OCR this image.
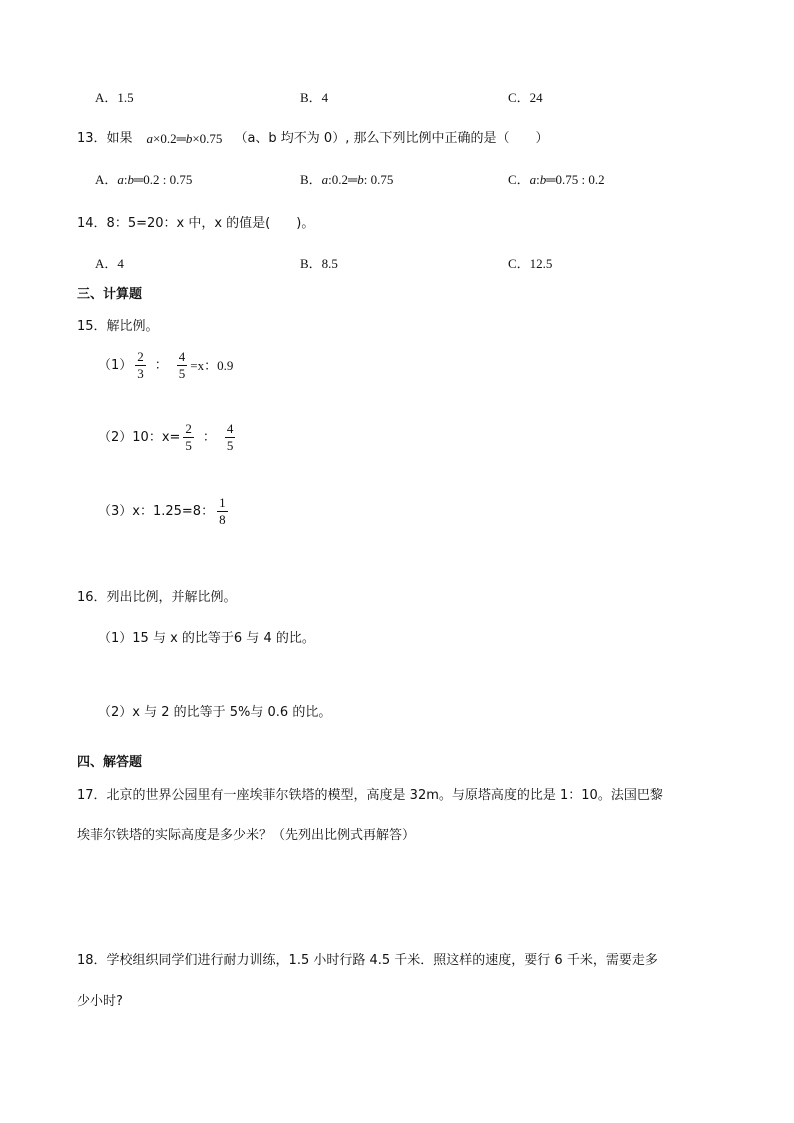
A．1.5	B．4	C．24
13．如果 a×0.2═b×0.75 （a、b 均不为 0）, 那么下列比例中正确的是（　　）
A．a:b═0.2 : 0.75	B．a:0.2═b: 0.75	C．a:b═0.75 : 0.2
14．8：5=20：x 中，x 的值是(　　)。
A．4	B．8.5	C．12.5
三、计算题
15．解比例。
$(1) \frac{2}{3}$ ： $\frac{4}{5} =x$：0.9
（2）10：$x= \frac{2}{5}$ ： $\frac{4}{5}$
（3）x：1.25=8： $\frac{1}{8}$
16．列出比例，并解比例。
（1）15 与 x 的比等于6 与 4 的比。
（2）x 与 2 的比等于 5%与 0.6 的比。
四、解答题
17．北京的世界公园里有一座埃菲尔铁塔的模型，高度是 32m。与原塔高度的比是 1：10。法国巴黎
埃菲尔铁塔的实际高度是多少米？（先列出比例式再解答）
18．学校组织同学们进行耐力训练，1.5 小时行路 4.5 千米．照这样的速度，要行 6 千米，需要走多
少小时?
